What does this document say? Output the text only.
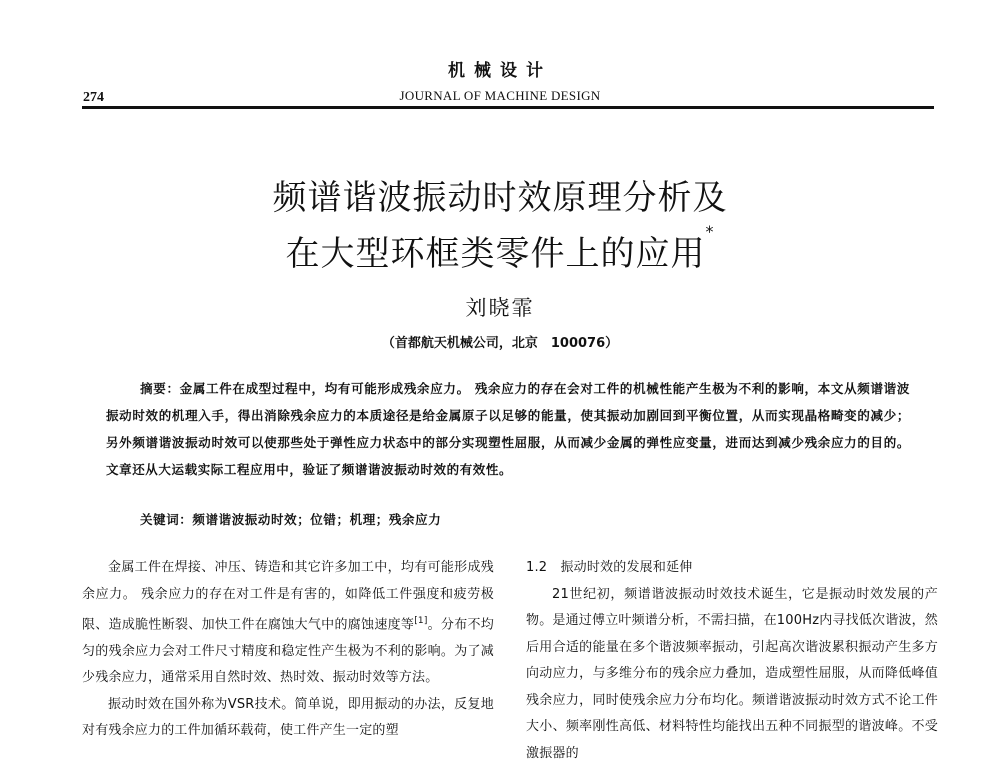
机械设计
274	JOURNAL OF MACHINE DESIGN
频谱谐波振动时效原理分析及
在大型环框类零件上的应用*
刘晓霏
（首都航天机械公司，北京　100076）
摘要：金属工件在成型过程中，均有可能形成残余应力。 残余应力的存在会对工件的机械性能产生极为不利的影响，本文从频谱谐波振动时效的机理入手，得出消除残余应力的本质途径是给金属原子以足够的能量，使其振动加剧回到平衡位置，从而实现晶格畸变的减少；另外频谱谐波振动时效可以使那些处于弹性应力状态中的部分实现塑性屈服，从而减少金属的弹性应变量，进而达到减少残余应力的目的。文章还从大运载实际工程应用中，验证了频谱谐波振动时效的有效性。
关键词：频谱谐波振动时效；位错；机理；残余应力

金属工件在焊接、冲压、铸造和其它许多加工中，均有可能形成残余应力。 残余应力的存在对工件是有害的，如降低工件强度和疲劳极限、造成脆性断裂、加快工件在腐蚀大气中的腐蚀速度等[1]。分布不均匀的残余应力会对工件尺寸精度和稳定性产生极为不利的影响。为了减少残余应力，通常采用自然时效、热时效、振动时效等方法。

振动时效在国外称为VSR技术。简单说，即用振动的办法，反复地对有残余应力的工件加循环载荷，使工件产生一定的塑

1.2　振动时效的发展和延伸

21世纪初，频谱谐波振动时效技术诞生，它是振动时效发展的产物。是通过傅立叶频谱分析，不需扫描，在100Hz内寻找低次谐波，然后用合适的能量在多个谐波频率振动，引起高次谐波累积振动产生多方向动应力，与多维分布的残余应力叠加，造成塑性屈服，从而降低峰值残余应力，同时使残余应力分布均化。频谱谐波振动时效方式不论工件大小、频率刚性高低、材料特性均能找出五种不同振型的谐波峰。不受激振器的
